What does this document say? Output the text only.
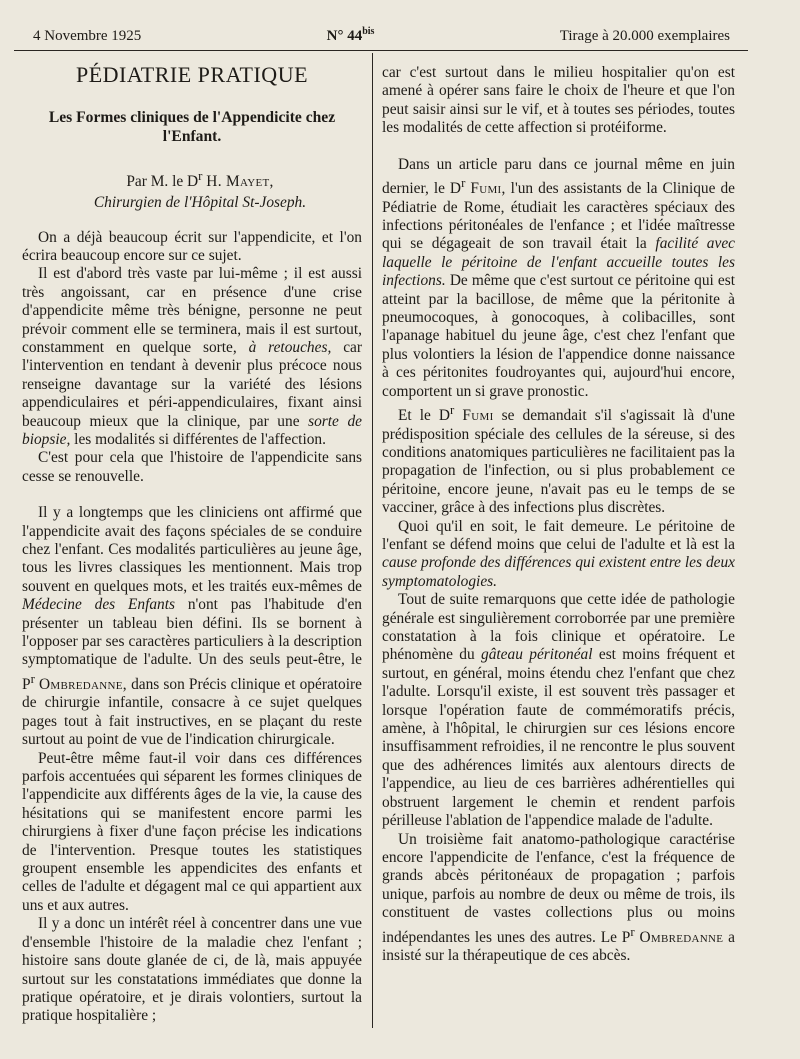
4 Novembre 1925	N° $44^{bis}$	Tirage à 20.000 exemplaires
PÉDIATRIE PRATIQUE
Les Formes cliniques de l'Appendicite chez l'Enfant.

Par M. le $D^r$ H. Mayet,

Chirurgien de l'Hôpital St-Joseph.

On a déjà beaucoup écrit sur l'appendicite, et l'on écrira beaucoup encore sur ce sujet.

Il est d'abord très vaste par lui-même ; il est aussi très angoissant, car en présence d'une crise d'appendicite même très bénigne, personne ne peut prévoir comment elle se terminera, mais il est surtout, constamment en quelque sorte, à retouches, car l'intervention en tendant à devenir plus précoce nous renseigne davantage sur la variété des lésions appendiculaires et péri-appendiculaires, fixant ainsi beaucoup mieux que la clinique, par une sorte de biopsie, les modalités si différentes de l'affection.

C'est pour cela que l'histoire de l'appendicite sans cesse se renouvelle.

Il y a longtemps que les cliniciens ont affirmé que l'appendicite avait des façons spéciales de se conduire chez l'enfant. Ces modalités particulières au jeune âge, tous les livres classiques les mentionnent. Mais trop souvent en quelques mots, et les traités eux-mêmes de Médecine des Enfants n'ont pas l'habitude d'en présenter un tableau bien défini. Ils se bornent à l'opposer par ses caractères particuliers à la description symptomatique de l'adulte. Un des seuls peut-être, le $P^r$ Ombredanne, dans son Précis clinique et opératoire de chirurgie infantile, consacre à ce sujet quelques pages tout à fait instructives, en se plaçant du reste surtout au point de vue de l'indication chirurgicale.

Peut-être même faut-il voir dans ces différences parfois accentuées qui séparent les formes cliniques de l'appendicite aux différents âges de la vie, la cause des hésitations qui se manifestent encore parmi les chirurgiens à fixer d'une façon précise les indications de l'intervention. Presque toutes les statistiques groupent ensemble les appendicites des enfants et celles de l'adulte et dégagent mal ce qui appartient aux uns et aux autres.

Il y a donc un intérêt réel à concentrer dans une vue d'ensemble l'histoire de la maladie chez l'enfant ; histoire sans doute glanée de ci, de là, mais appuyée surtout sur les constatations immédiates que donne la pratique opératoire, et je dirais volontiers, surtout la pratique hospitalière ;

car c'est surtout dans le milieu hospitalier qu'on est amené à opérer sans faire le choix de l'heure et que l'on peut saisir ainsi sur le vif, et à toutes ses périodes, toutes les modalités de cette affection si protéiforme.

Dans un article paru dans ce journal même en juin dernier, le $D^r$ Fumi, l'un des assistants de la Clinique de Pédiatrie de Rome, étudiait les caractères spéciaux des infections péritonéales de l'enfance ; et l'idée maîtresse qui se dégageait de son travail était la facilité avec laquelle le péritoine de l'enfant accueille toutes les infections. De même que c'est surtout ce péritoine qui est atteint par la bacillose, de même que la péritonite à pneumocoques, à gonocoques, à colibacilles, sont l'apanage habituel du jeune âge, c'est chez l'enfant que plus volontiers la lésion de l'appendice donne naissance à ces péritonites foudroyantes qui, aujourd'hui encore, comportent un si grave pronostic.

Et le $D^r$ Fumi se demandait s'il s'agissait là d'une prédisposition spéciale des cellules de la séreuse, si des conditions anatomiques particulières ne facilitaient pas la propagation de l'infection, ou si plus probablement ce péritoine, encore jeune, n'avait pas eu le temps de se vacciner, grâce à des infections plus discrètes.

Quoi qu'il en soit, le fait demeure. Le péritoine de l'enfant se défend moins que celui de l'adulte et là est la cause profonde des différences qui existent entre les deux symptomatologies.

Tout de suite remarquons que cette idée de pathologie générale est singulièrement corroborrée par une première constatation à la fois clinique et opératoire. Le phénomène du gâteau péritonéal est moins fréquent et surtout, en général, moins étendu chez l'enfant que chez l'adulte. Lorsqu'il existe, il est souvent très passager et lorsque l'opération faute de commémoratifs précis, amène, à l'hôpital, le chirurgien sur ces lésions encore insuffisamment refroidies, il ne rencontre le plus souvent que des adhérences limités aux alentours directs de l'appendice, au lieu de ces barrières adhérentielles qui obstruent largement le chemin et rendent parfois périlleuse l'ablation de l'appendice malade de l'adulte.

Un troisième fait anatomo-pathologique caractérise encore l'appendicite de l'enfance, c'est la fréquence de grands abcès péritonéaux de propagation ; parfois unique, parfois au nombre de deux ou même de trois, ils constituent de vastes collections plus ou moins indépendantes les unes des autres. Le $P^r$ Ombredanne a insisté sur la thérapeutique de ces abcès.
